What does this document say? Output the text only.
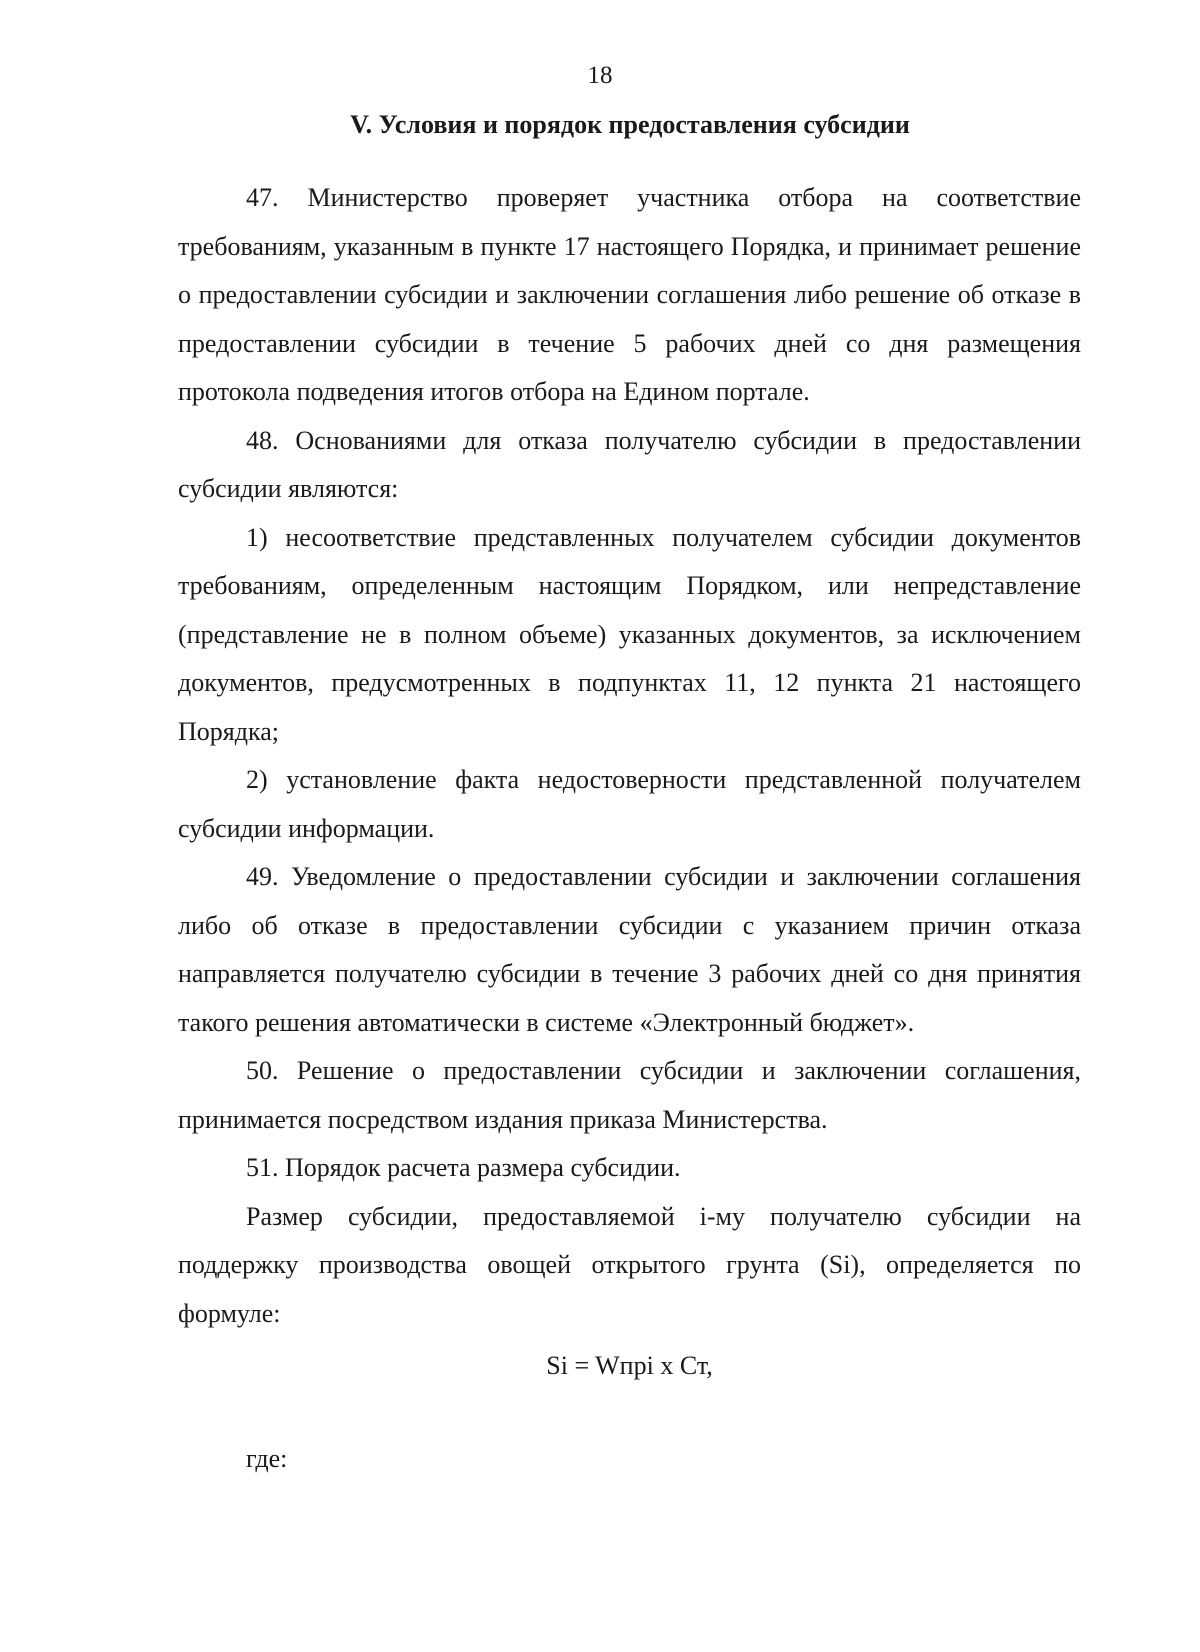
18
V. Условия и порядок предоставления субсидии

47. Министерство проверяет участника отбора на соответствие требованиям, указанным в пункте 17 настоящего Порядка, и принимает решение о предоставлении субсидии и заключении соглашения либо решение об отказе в предоставлении субсидии в течение 5 рабочих дней со дня размещения протокола подведения итогов отбора на Едином портале.

48. Основаниями для отказа получателю субсидии в предоставлении субсидии являются:

1) несоответствие представленных получателем субсидии документов требованиям, определенным настоящим Порядком, или непредставление (представление не в полном объеме) указанных документов, за исключением документов, предусмотренных в подпунктах 11, 12 пункта 21 настоящего Порядка;

2) установление факта недостоверности представленной получателем субсидии информации.

49. Уведомление о предоставлении субсидии и заключении соглашения либо об отказе в предоставлении субсидии с указанием причин отказа направляется получателю субсидии в течение 3 рабочих дней со дня принятия такого решения автоматически в системе «Электронный бюджет».

50. Решение о предоставлении субсидии и заключении соглашения, принимается посредством издания приказа Министерства.

51. Порядок расчета размера субсидии.

Размер субсидии, предоставляемой i-му получателю субсидии на поддержку производства овощей открытого грунта (Si), определяется по формуле:

Si = Wпрi x Ст,

где:
